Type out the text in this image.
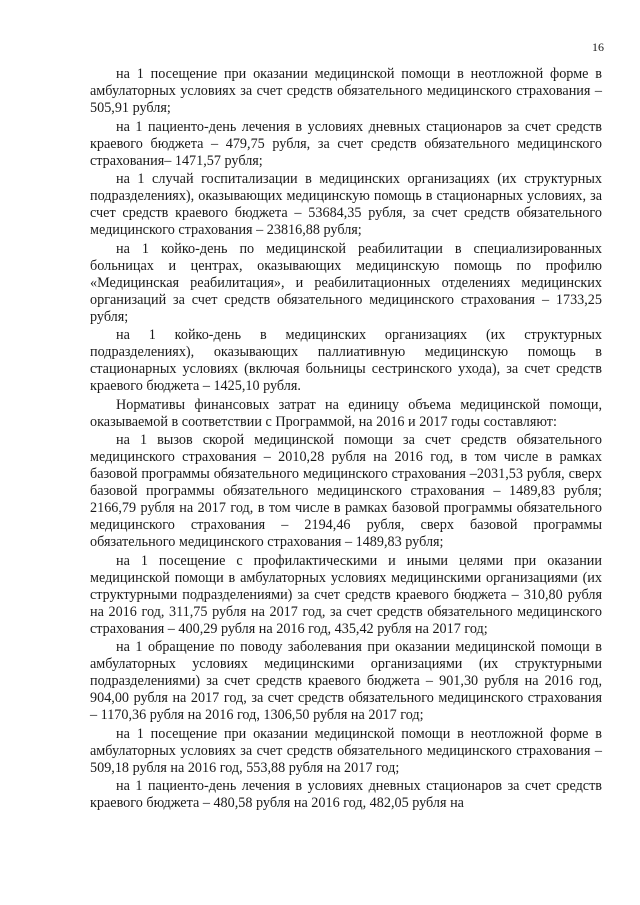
16

на 1 посещение при оказании медицинской помощи в неотложной форме в амбулаторных условиях за счет средств обязательного медицинского страхования – 505,91 рубля;

на 1 пациенто-день лечения в условиях дневных стационаров за счет средств краевого бюджета – 479,75 рубля, за счет средств обязательного медицинского страхования– 1471,57 рубля;

на 1 случай госпитализации в медицинских организациях (их структурных подразделениях), оказывающих медицинскую помощь в стационарных условиях, за счет средств краевого бюджета – 53684,35 рубля, за счет средств обязательного медицинского страхования – 23816,88 рубля;

на 1 койко-день по медицинской реабилитации в специализированных больницах и центрах, оказывающих медицинскую помощь по профилю «Медицинская реабилитация», и реабилитационных отделениях медицинских организаций за счет средств обязательного медицинского страхования – 1733,25 рубля;

на 1 койко-день в медицинских организациях (их структурных подразделениях), оказывающих паллиативную медицинскую помощь в стационарных условиях (включая больницы сестринского ухода), за счет средств краевого бюджета – 1425,10 рубля.

Нормативы финансовых затрат на единицу объема медицинской помощи, оказываемой в соответствии с Программой, на 2016 и 2017 годы составляют:

на 1 вызов скорой медицинской помощи за счет средств обязательного медицинского страхования – 2010,28 рубля на 2016 год, в том числе в рамках базовой программы обязательного медицинского страхования –2031,53 рубля, сверх базовой программы обязательного медицинского страхования – 1489,83 рубля; 2166,79 рубля на 2017 год, в том числе в рамках базовой программы обязательного медицинского страхования – 2194,46 рубля, сверх базовой программы обязательного медицинского страхования – 1489,83 рубля;

на 1 посещение с профилактическими и иными целями при оказании медицинской помощи в амбулаторных условиях медицинскими организациями (их структурными подразделениями) за счет средств краевого бюджета – 310,80 рубля на 2016 год, 311,75 рубля на 2017 год, за счет средств обязательного медицинского страхования – 400,29 рубля на 2016 год, 435,42 рубля на 2017 год;

на 1 обращение по поводу заболевания при оказании медицинской помощи в амбулаторных условиях медицинскими организациями (их структурными подразделениями) за счет средств краевого бюджета – 901,30 рубля на 2016 год, 904,00 рубля на 2017 год, за счет средств обязательного медицинского страхования – 1170,36 рубля на 2016 год, 1306,50 рубля на 2017 год;

на 1 посещение при оказании медицинской помощи в неотложной форме в амбулаторных условиях за счет средств обязательного медицинского страхования – 509,18 рубля на 2016 год, 553,88 рубля на 2017 год;

на 1 пациенто-день лечения в условиях дневных стационаров за счет средств краевого бюджета – 480,58 рубля на 2016 год, 482,05 рубля на
